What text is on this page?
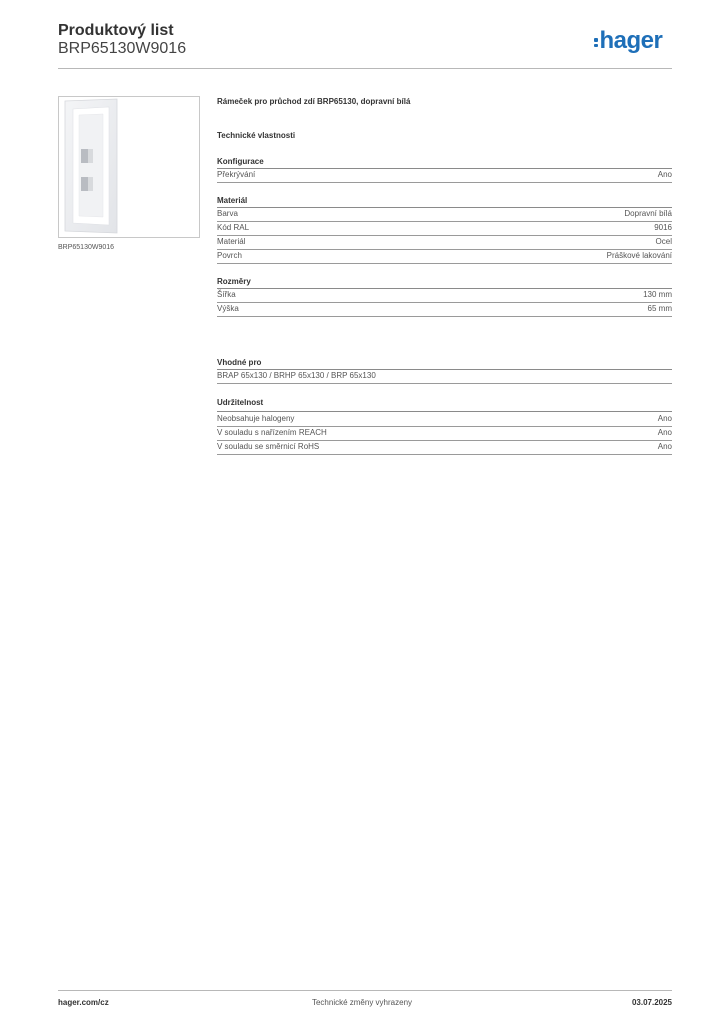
Produktový list
BRP65130W9016	hager
BRP65130W9016
Rámeček pro průchod zdí BRP65130, dopravní bílá
Technické vlastnosti
Konfigurace
Překrývání	Ano
Materiál
Barva	Dopravní bílá
Kód RAL	9016
Materiál	Ocel
Povrch	Práškové lakování
Rozměry
Šířka	130 mm
Výška	65 mm
Vhodné pro
BRAP 65x130 / BRHP 65x130 / BRP 65x130
Udržitelnost
Neobsahuje halogeny	Ano
V souladu s nařízením REACH	Ano
V souladu se směrnicí RoHS	Ano
hager.com/cz	Technické změny vyhrazeny	03.07.2025
